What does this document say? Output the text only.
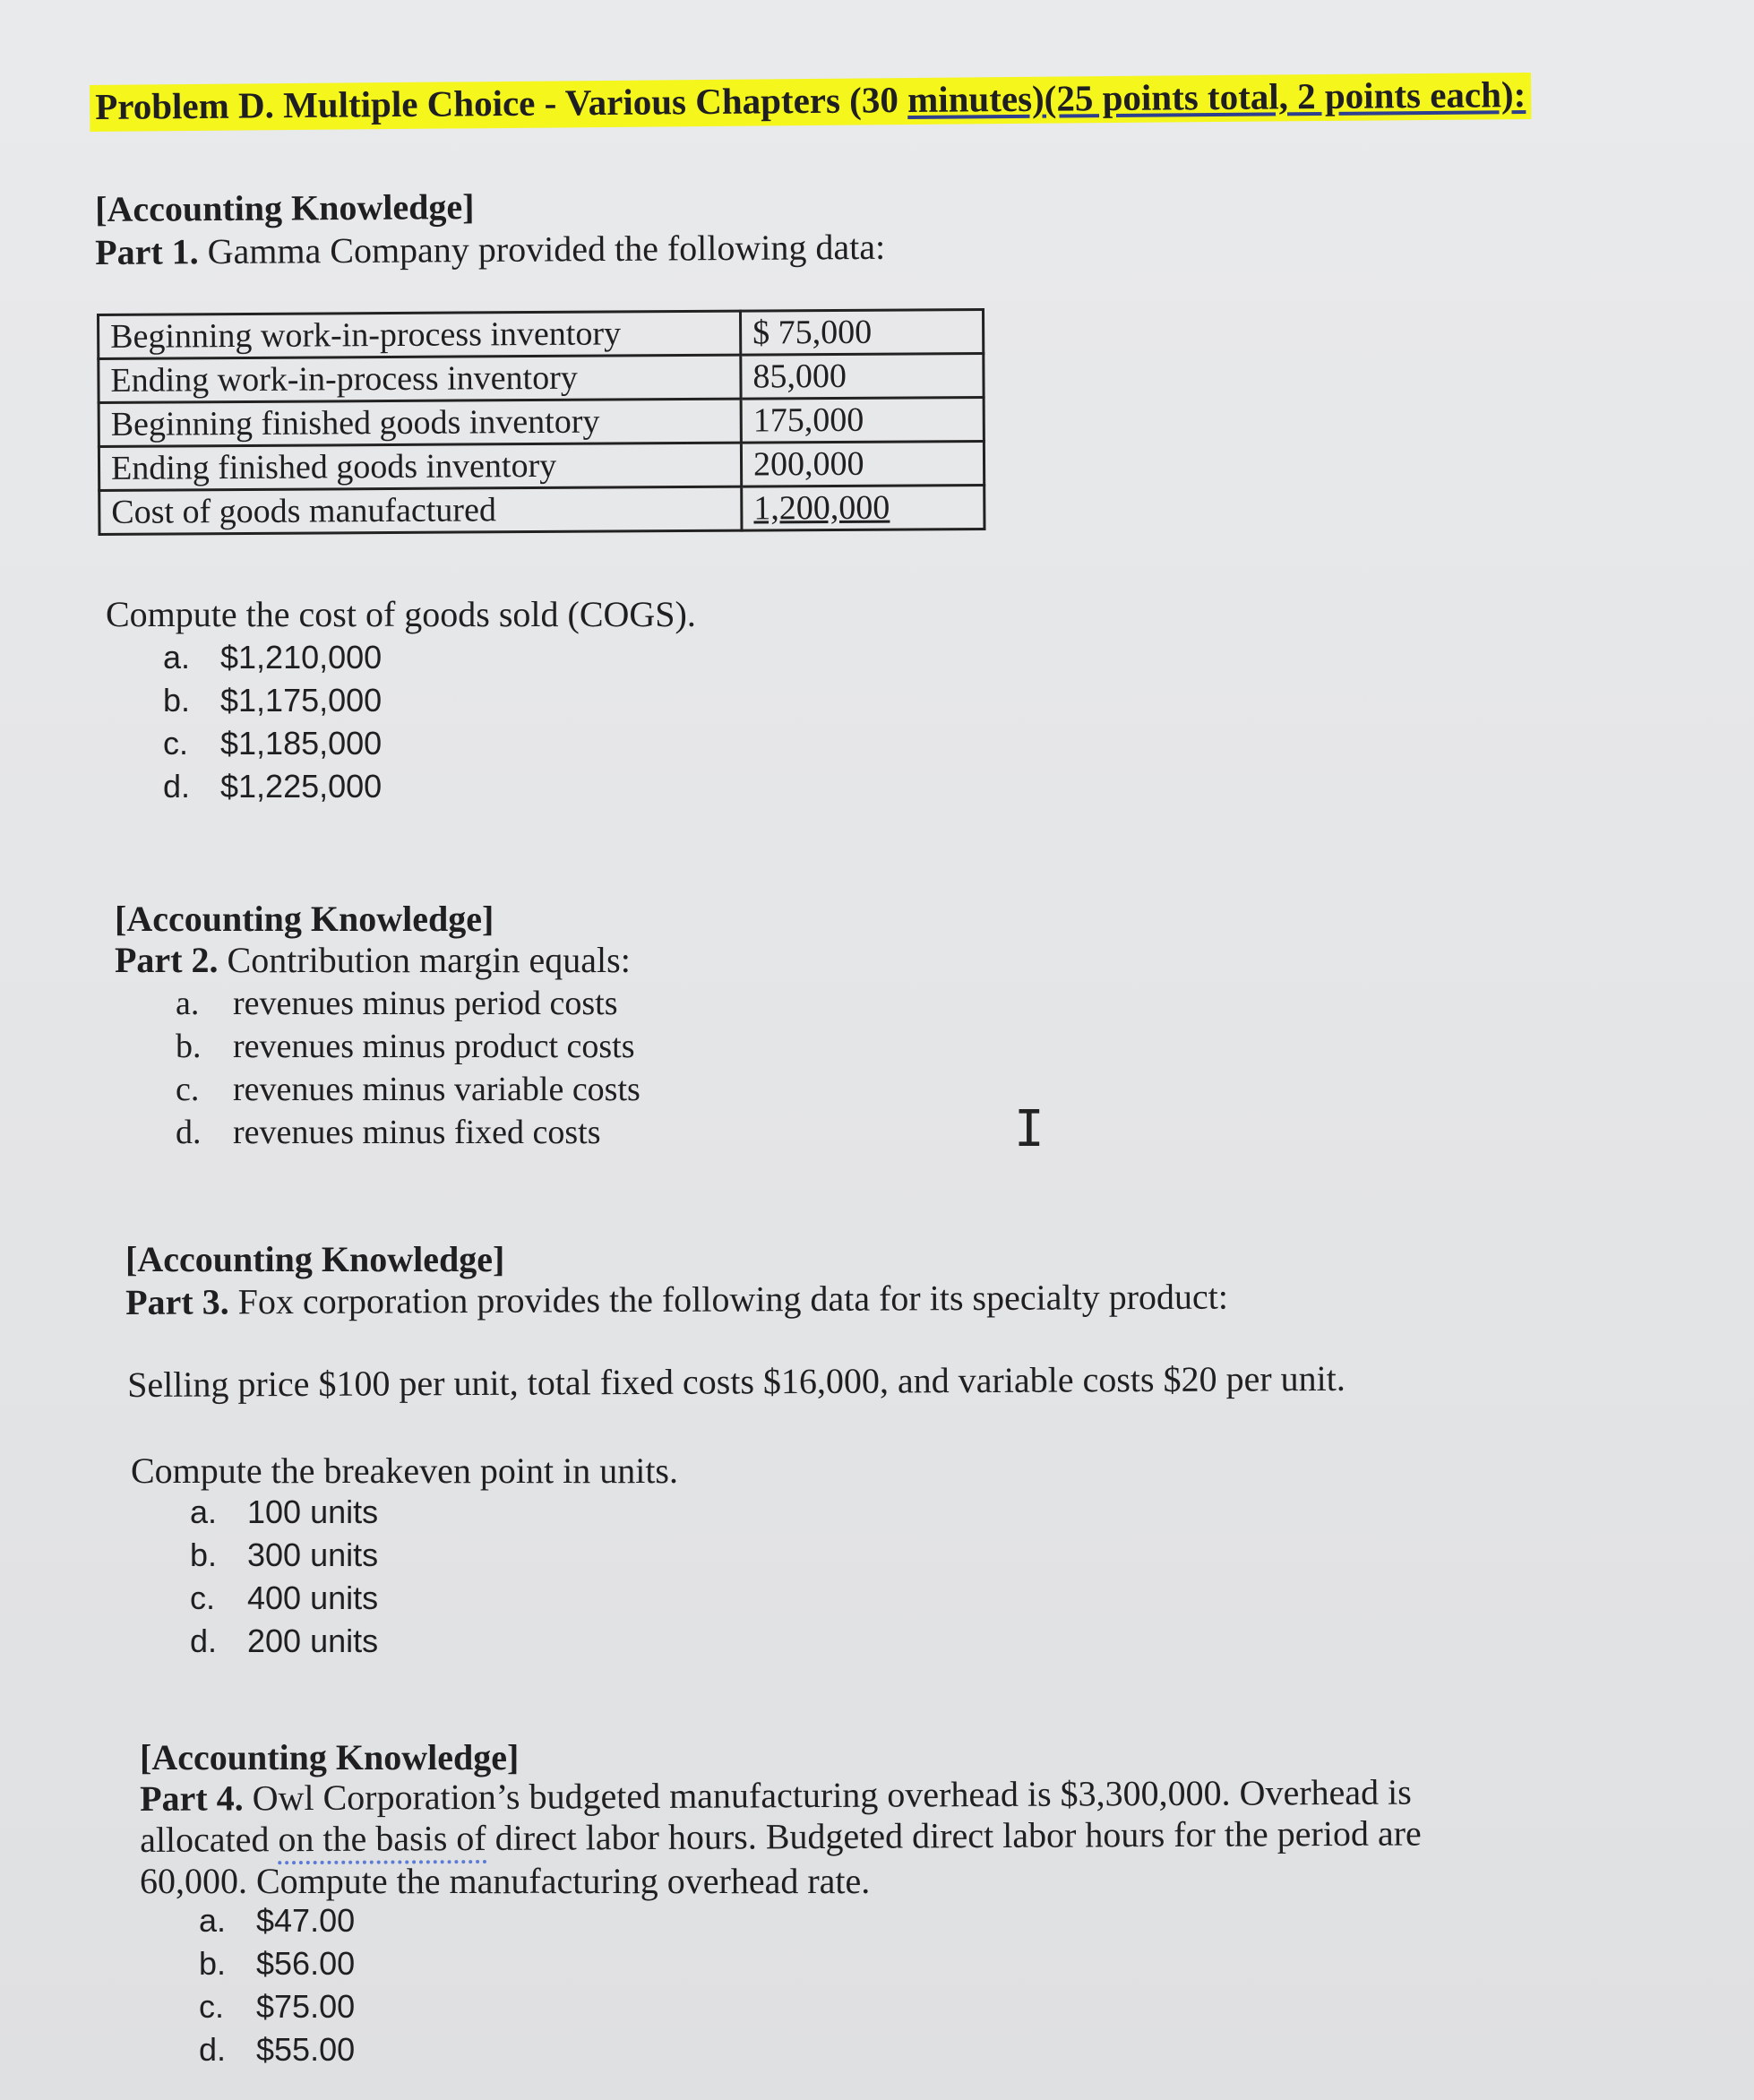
Problem D. Multiple Choice - Various Chapters (30 minutes)(25 points total, 2 points each):
[Accounting Knowledge]
Part 1. Gamma Company provided the following data:
Beginning work-in-process inventory	$ 75,000
Ending work-in-process inventory	85,000
Beginning finished goods inventory	175,000
Ending finished goods inventory	200,000
Cost of goods manufactured	1,200,000
Compute the cost of goods sold (COGS).
a. $1,210,000
b. $1,175,000
c. $1,185,000
d. $1,225,000
[Accounting Knowledge]
Part 2. Contribution margin equals:
a. revenues minus period costs
b. revenues minus product costs
c. revenues minus variable costs
d. revenues minus fixed costs	I
[Accounting Knowledge]
Part 3. Fox corporation provides the following data for its specialty product:
Selling price $100 per unit, total fixed costs $16,000, and variable costs $20 per unit.
Compute the breakeven point in units.
a. 100 units
b. 300 units
c. 400 units
d. 200 units
[Accounting Knowledge]
Part 4. Owl Corporation’s budgeted manufacturing overhead is $3,300,000. Overhead is
allocated on the basis of direct labor hours. Budgeted direct labor hours for the period are
60,000. Compute the manufacturing overhead rate.
a. $47.00
b. $56.00
c. $75.00
d. $55.00
